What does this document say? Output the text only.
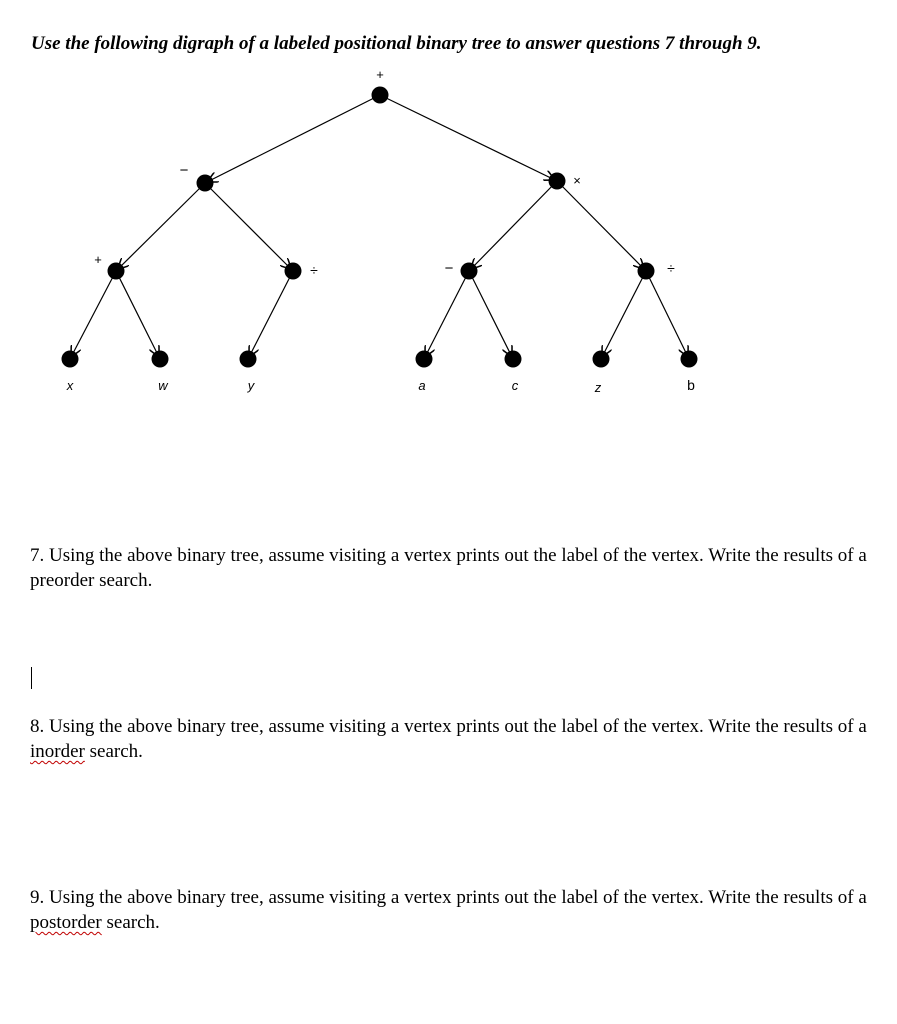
Use the following digraph of a labeled positional binary tree to answer questions 7 through 9.
+
−
×
+
÷	−	÷
x	w	y	a	c	z	b
7. Using the above binary tree, assume visiting a vertex prints out the label of the vertex. Write the results of a preorder search.
8. Using the above binary tree, assume visiting a vertex prints out the label of the vertex. Write the results of a inorder search.
9. Using the above binary tree, assume visiting a vertex prints out the label of the vertex. Write the results of a postorder search.
